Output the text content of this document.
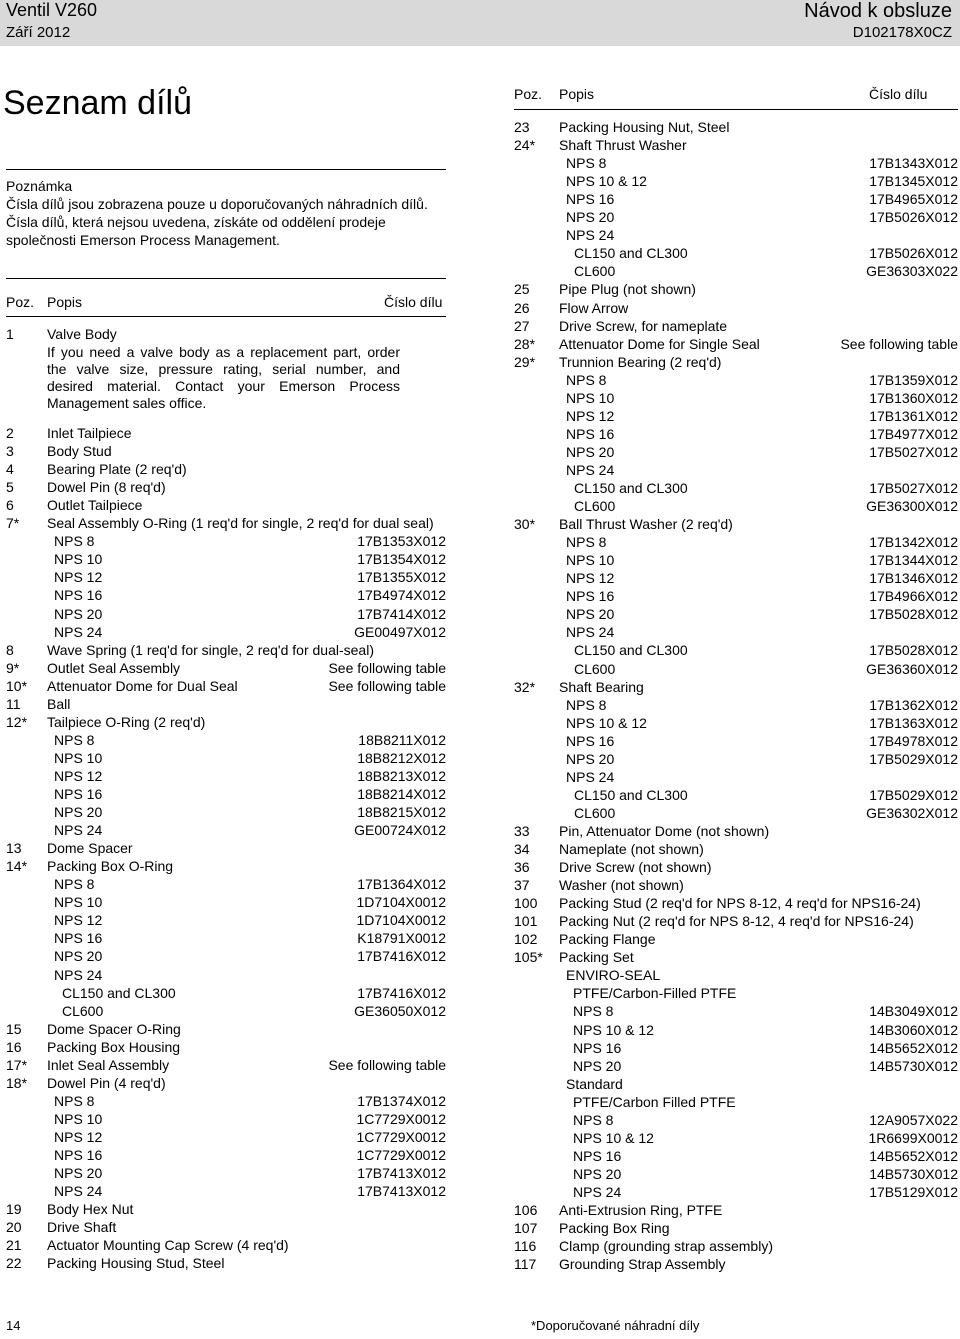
Ventil V260
Září 2012
Návod k obsluze
D102178X0CZ
Seznam dílů
Poznámka
Čísla dílů jsou zobrazena pouze u doporučovaných náhradních dílů. Čísla dílů, která nejsou uvedena, získáte od oddělení prodeje společnosti Emerson Process Management.
Poz. Popis	Číslo dílu
Poz. Popis	Číslo dílu
1 Valve Body
2 Inlet Tailpiece
3 Body Stud
4 Bearing Plate (2 req'd)
5 Dowel Pin (8 req'd)
6 Outlet Tailpiece
7* Seal Assembly O-Ring (1 req'd for single, 2 req'd for dual seal)
NPS 8	17B1353X012
NPS 10	17B1354X012
NPS 12	17B1355X012
NPS 16	17B4974X012
NPS 20	17B7414X012
NPS 24	GE00497X012
8 Wave Spring (1 req'd for single, 2 req'd for dual-seal)
9* Outlet Seal Assembly	See following table
10* Attenuator Dome for Dual Seal	See following table
11 Ball
12* Tailpiece O-Ring (2 req'd)
NPS 8	18B8211X012
NPS 10	18B8212X012
NPS 12	18B8213X012
NPS 16	18B8214X012
NPS 20	18B8215X012
NPS 24	GE00724X012
13 Dome Spacer
14* Packing Box O-Ring
NPS 8	17B1364X012
NPS 10	1D7104X0012
NPS 12	1D7104X0012
NPS 16	K18791X0012
NPS 20	17B7416X012
NPS 24
CL150 and CL300	17B7416X012
CL600	GE36050X012
15 Dome Spacer O-Ring
16 Packing Box Housing
17* Inlet Seal Assembly	See following table
18* Dowel Pin (4 req'd)
NPS 8	17B1374X012
NPS 10	1C7729X0012
NPS 12	1C7729X0012
NPS 16	1C7729X0012
NPS 20	17B7413X012
NPS 24	17B7413X012
19 Body Hex Nut
20 Drive Shaft
21 Actuator Mounting Cap Screw (4 req'd)
22 Packing Housing Stud, Steel
If you need a valve body as a replacement part, order the valve size, pressure rating, serial number, and desired material. Contact your Emerson Process Management sales office.
23 Packing Housing Nut, Steel
24* Shaft Thrust Washer
NPS 8	17B1343X012
NPS 10 & 12	17B1345X012
NPS 16	17B4965X012
NPS 20	17B5026X012
NPS 24
CL150 and CL300	17B5026X012
CL600	GE36303X022
25 Pipe Plug (not shown)
26 Flow Arrow
27 Drive Screw, for nameplate
28* Attenuator Dome for Single Seal	See following table
29* Trunnion Bearing (2 req'd)
NPS 8	17B1359X012
NPS 10	17B1360X012
NPS 12	17B1361X012
NPS 16	17B4977X012
NPS 20	17B5027X012
NPS 24
CL150 and CL300	17B5027X012
CL600	GE36300X012
30* Ball Thrust Washer (2 req'd)
NPS 8	17B1342X012
NPS 10	17B1344X012
NPS 12	17B1346X012
NPS 16	17B4966X012
NPS 20	17B5028X012
NPS 24
CL150 and CL300	17B5028X012
CL600	GE36360X012
32* Shaft Bearing
NPS 8	17B1362X012
NPS 10 & 12	17B1363X012
NPS 16	17B4978X012
NPS 20	17B5029X012
NPS 24
CL150 and CL300	17B5029X012
CL600	GE36302X012
33 Pin, Attenuator Dome (not shown)
34 Nameplate (not shown)
36 Drive Screw (not shown)
37 Washer (not shown)
100 Packing Stud (2 req'd for NPS 8-12, 4 req'd for NPS16-24)
101 Packing Nut (2 req'd for NPS 8-12, 4 req'd for NPS16-24)
102 Packing Flange
105* Packing Set
ENVIRO-SEAL
PTFE/Carbon-Filled PTFE
NPS 8	14B3049X012
NPS 10 & 12	14B3060X012
NPS 16	14B5652X012
NPS 20	14B5730X012
Standard
PTFE/Carbon Filled PTFE
NPS 8	12A9057X022
NPS 10 & 12	1R6699X0012
NPS 16	14B5652X012
NPS 20	14B5730X012
NPS 24	17B5129X012
106 Anti-Extrusion Ring, PTFE
107 Packing Box Ring
116 Clamp (grounding strap assembly)
117 Grounding Strap Assembly
14	*Doporučované náhradní díly
